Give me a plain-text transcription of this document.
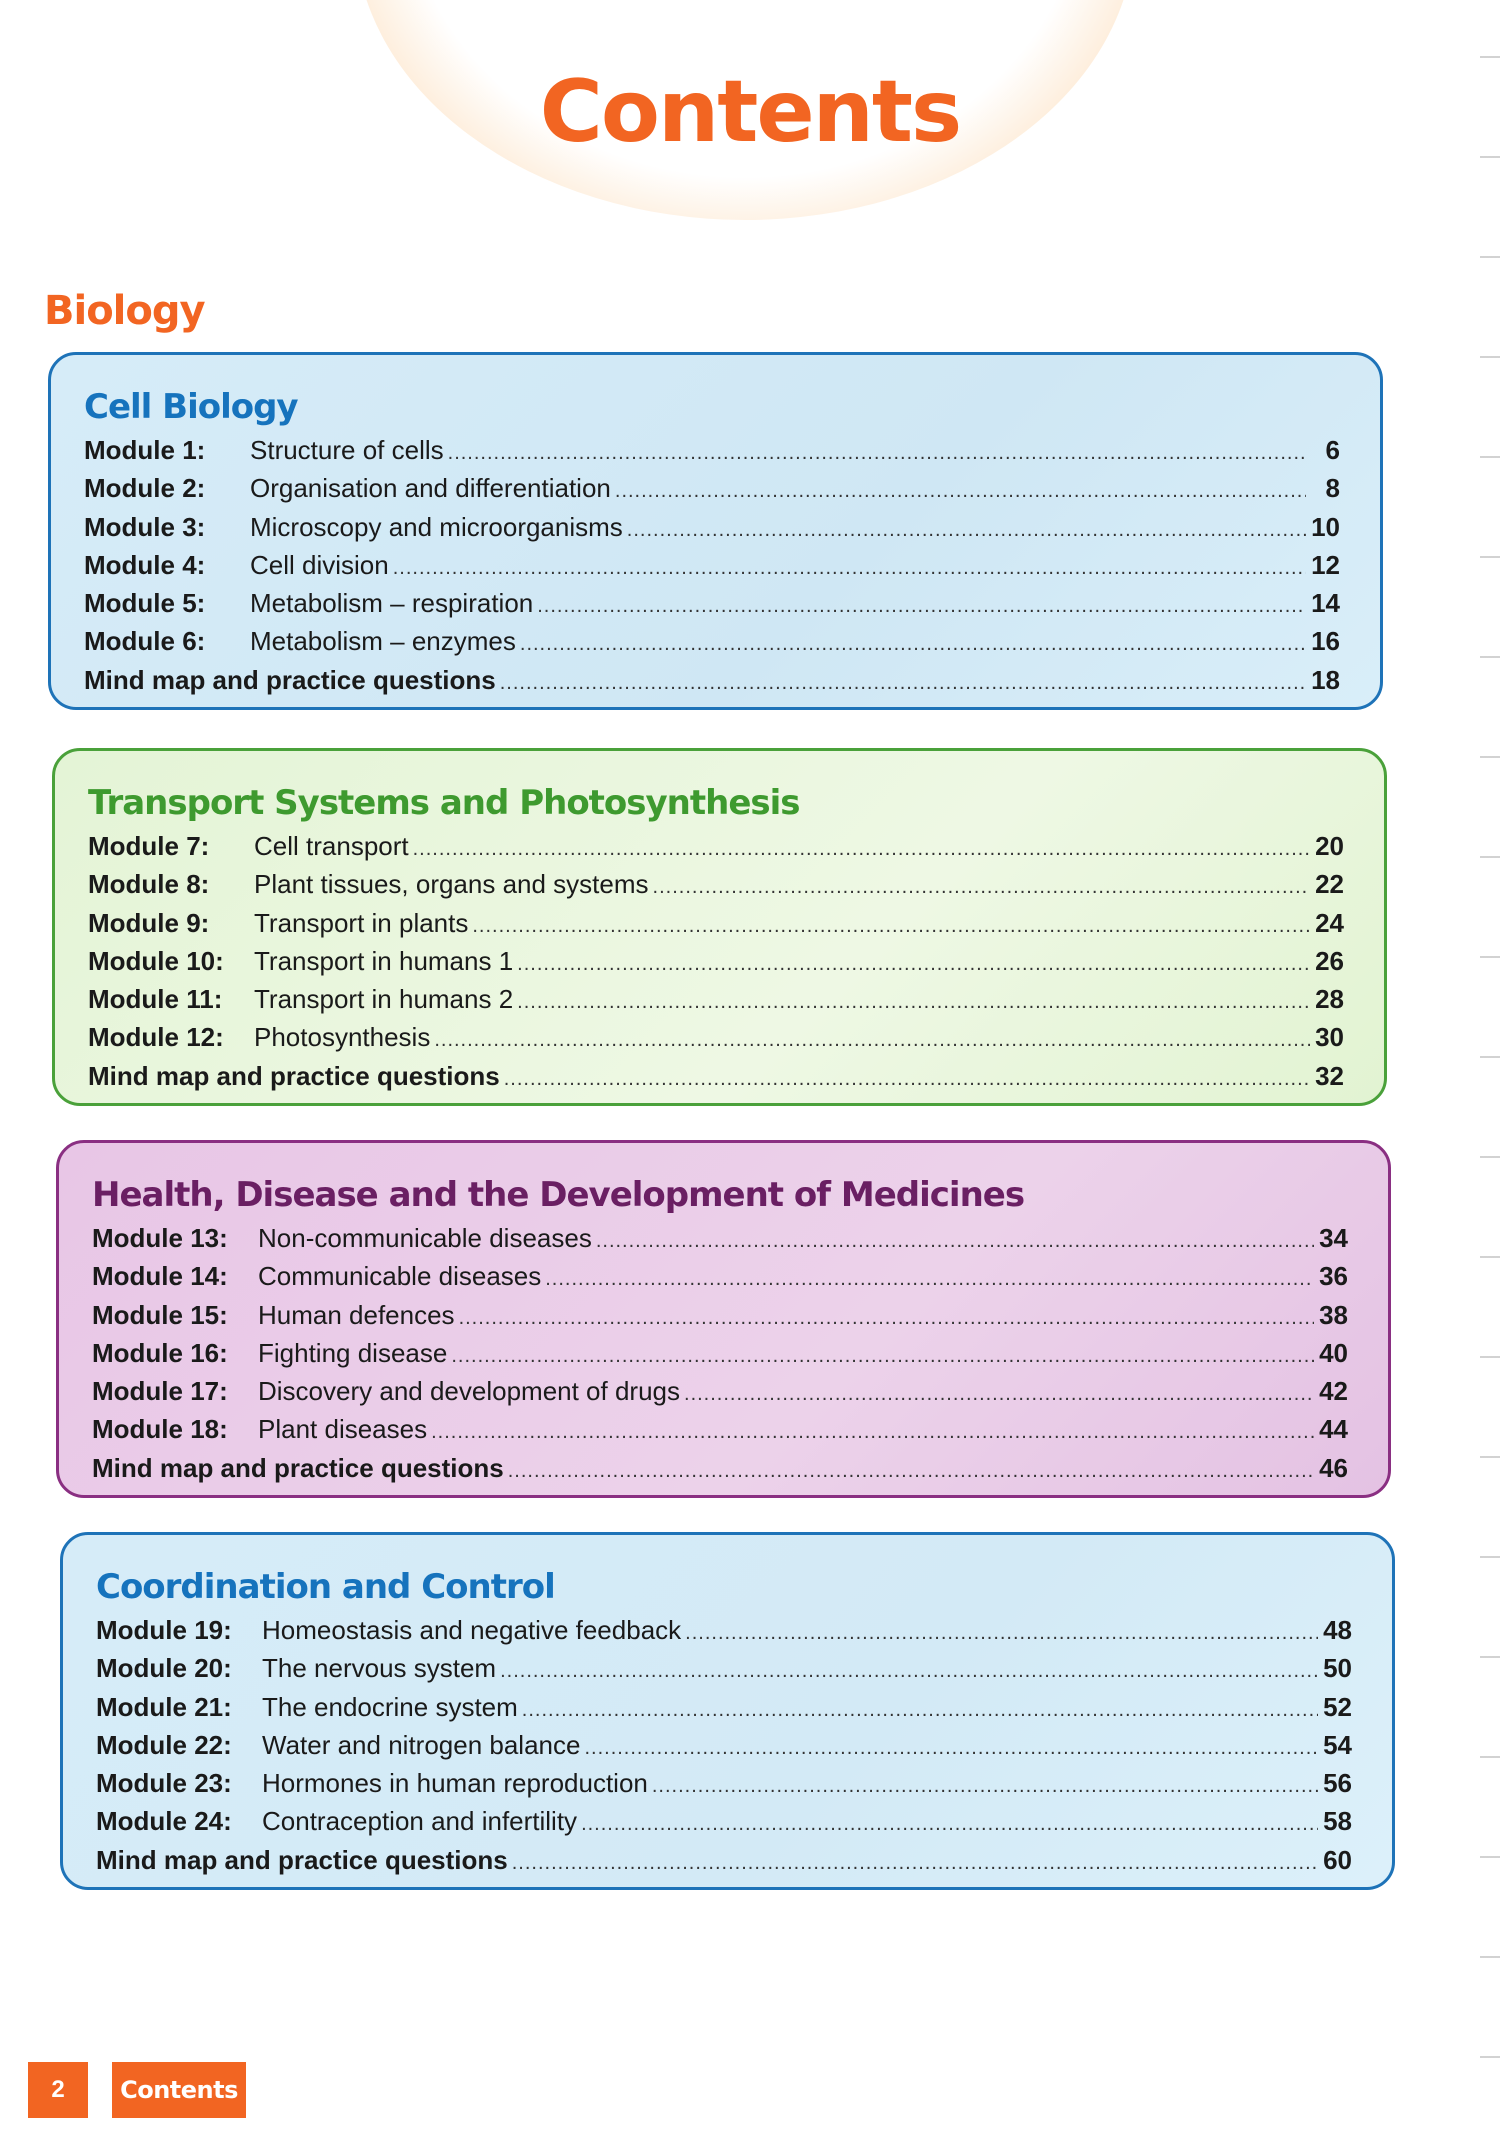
Contents
Biology
Cell Biology
Module 1:	Structure of cells .....	6
Module 2:	Organisation and differentiation .....	8
Module 3:	Microscopy and microorganisms .....	10
Module 4:	Cell division .....	12
Module 5:	Metabolism – respiration .....	14
Module 6:	Metabolism – enzymes .....	16
Mind map and practice questions .....	18
Transport Systems and Photosynthesis
Module 7:	Cell transport .....	20
Module 8:	Plant tissues, organs and systems .....	22
Module 9:	Transport in plants .....	24
Module 10:	Transport in humans 1 .....	26
Module 11:	Transport in humans 2 .....	28
Module 12:	Photosynthesis .....	30
Mind map and practice questions .....	32
Health, Disease and the Development of Medicines
Module 13:	Non-communicable diseases .....	34
Module 14:	Communicable diseases .....	36
Module 15:	Human defences .....	38
Module 16:	Fighting disease .....	40
Module 17:	Discovery and development of drugs .....	42
Module 18:	Plant diseases .....	44
Mind map and practice questions .....	46
Coordination and Control
Module 19:	Homeostasis and negative feedback .....	48
Module 20:	The nervous system .....	50
Module 21:	The endocrine system .....	52
Module 22:	Water and nitrogen balance .....	54
Module 23:	Hormones in human reproduction .....	56
Module 24:	Contraception and infertility .....	58
Mind map and practice questions .....	60
2	Contents
